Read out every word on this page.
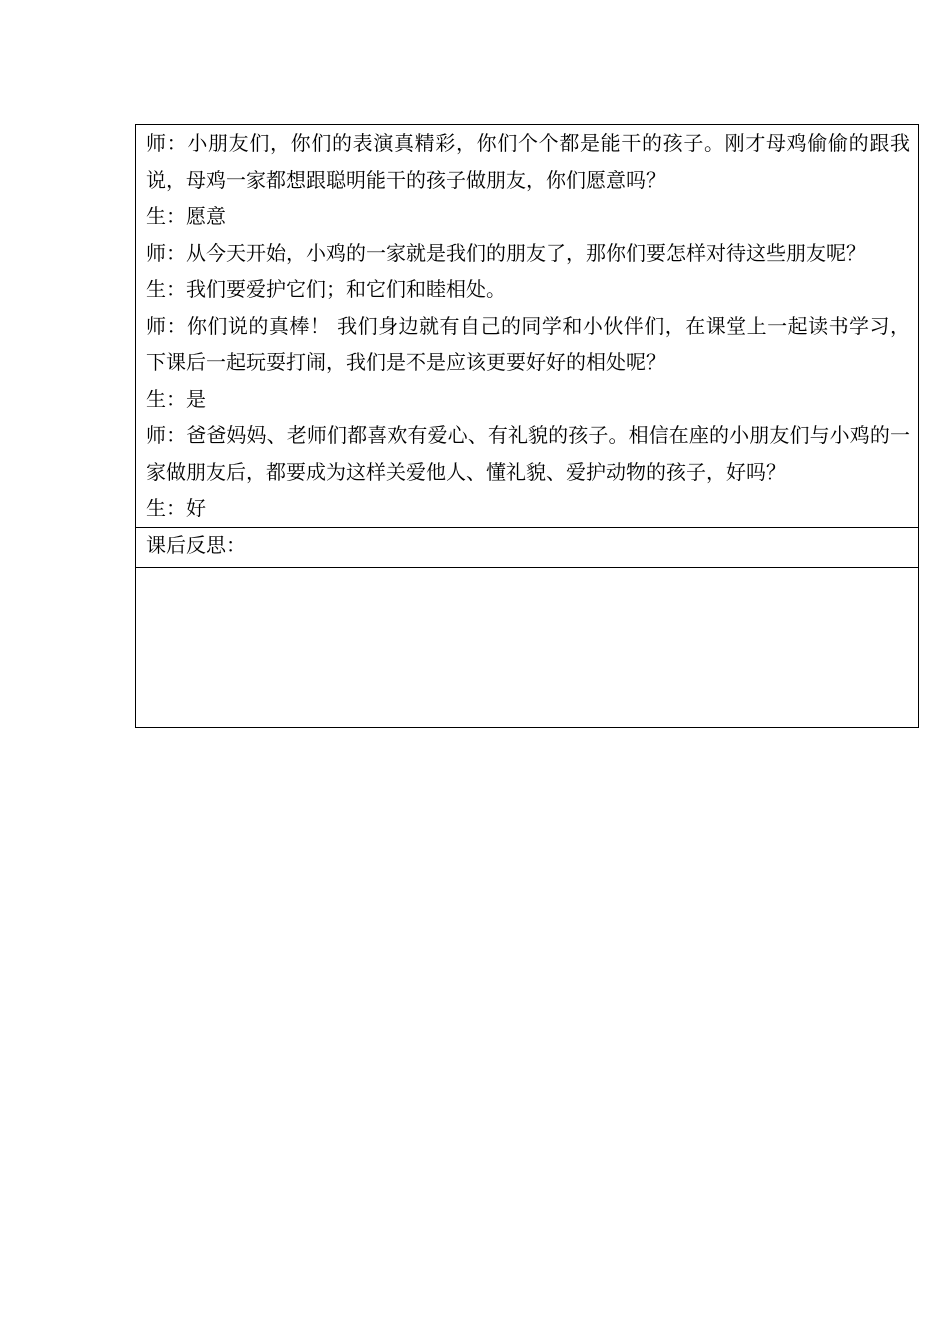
师：小朋友们，你们的表演真精彩，你们个个都是能干的孩子。刚才母鸡偷偷的跟我说，母鸡一家都想跟聪明能干的孩子做朋友，你们愿意吗？
生：愿意
师：从今天开始，小鸡的一家就是我们的朋友了，那你们要怎样对待这些朋友呢？
生：我们要爱护它们；和它们和睦相处。
师：你们说的真棒！ 我们身边就有自己的同学和小伙伴们，在课堂上一起读书学习，下课后一起玩耍打闹，我们是不是应该更要好好的相处呢？
生：是
师：爸爸妈妈、老师们都喜欢有爱心、有礼貌的孩子。相信在座的小朋友们与小鸡的一家做朋友后，都要成为这样关爱他人、懂礼貌、爱护动物的孩子，好吗？
生：好

课后反思：
